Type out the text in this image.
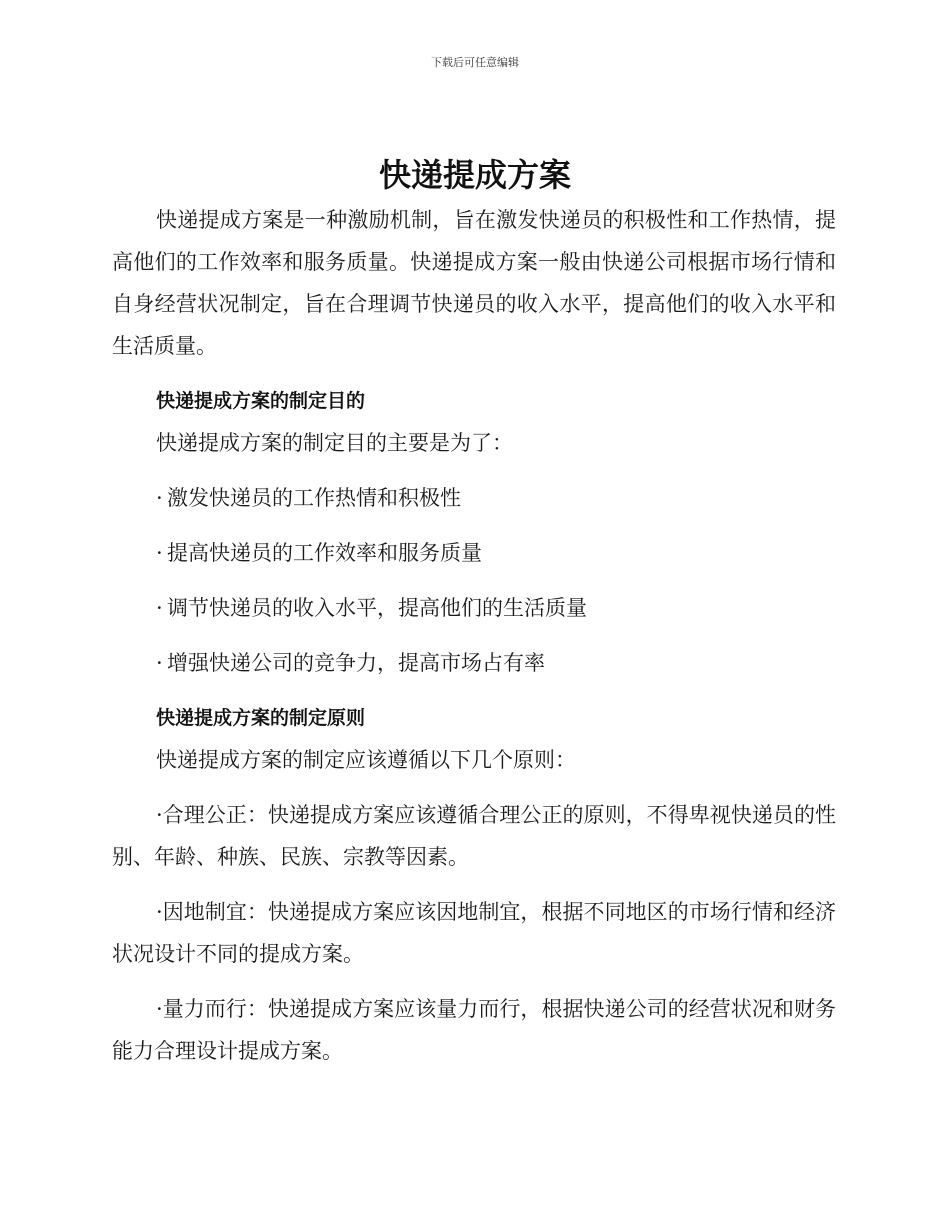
下载后可任意编辑
快递提成方案

快递提成方案是一种激励机制，旨在激发快递员的积极性和工作热情，提高他们的工作效率和服务质量。快递提成方案一般由快递公司根据市场行情和自身经营状况制定，旨在合理调节快递员的收入水平，提高他们的收入水平和生活质量。

快递提成方案的制定目的

快递提成方案的制定目的主要是为了：

· 激发快递员的工作热情和积极性

· 提高快递员的工作效率和服务质量

· 调节快递员的收入水平，提高他们的生活质量

· 增强快递公司的竞争力，提高市场占有率

快递提成方案的制定原则

快递提成方案的制定应该遵循以下几个原则：

·合理公正：快递提成方案应该遵循合理公正的原则，不得卑视快递员的性别、年龄、种族、民族、宗教等因素。

·因地制宜：快递提成方案应该因地制宜，根据不同地区的市场行情和经济状况设计不同的提成方案。

·量力而行：快递提成方案应该量力而行，根据快递公司的经营状况和财务能力合理设计提成方案。
